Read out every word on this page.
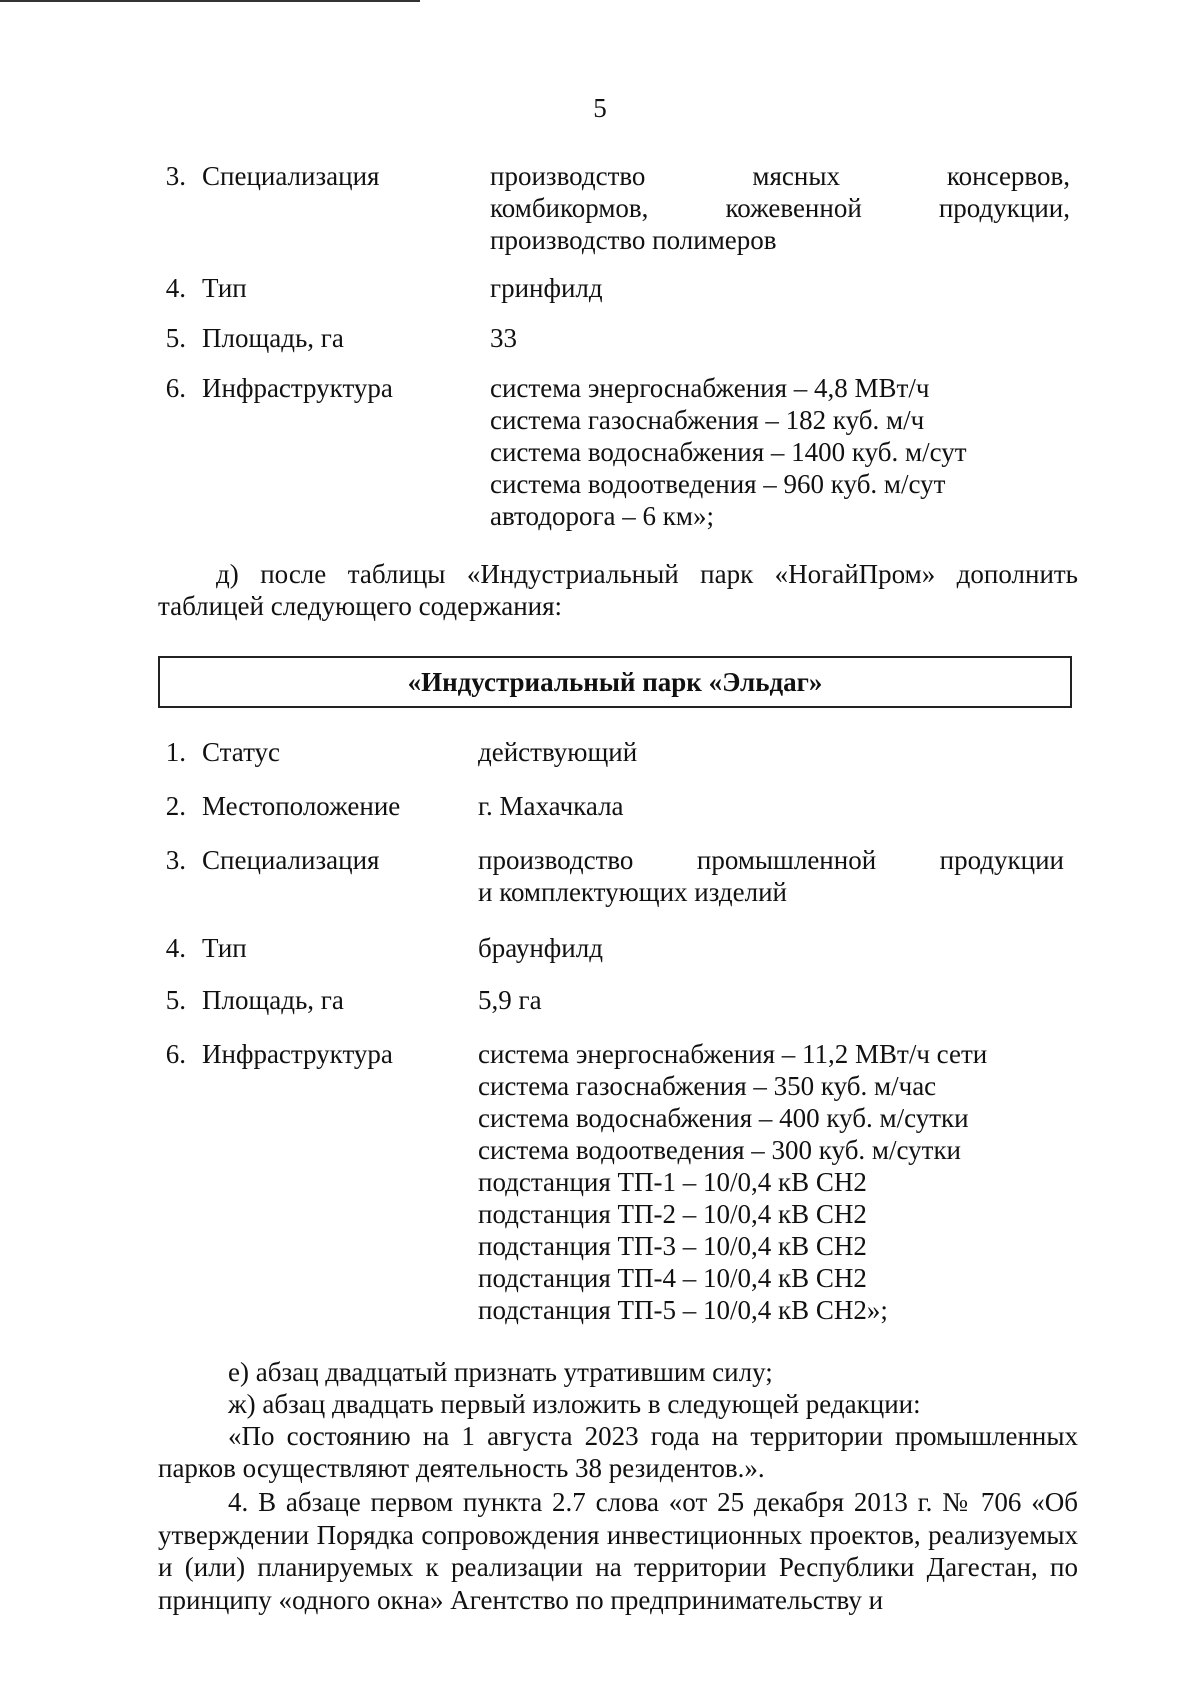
5
3. Специализация	производство мясных консервов,
комбикормов, кожевенной продукции,
производство полимеров
4. Тип	гринфилд
5. Площадь, га	33
6. Инфраструктура	система энергоснабжения – 4,8 МВт/ч
система газоснабжения – 182 куб. м/ч
система водоснабжения – 1400 куб. м/сут
система водоотведения – 960 куб. м/сут
автодорога – 6 км»;
д) после таблицы «Индустриальный парк «НогайПром» дополнить таблицей следующего содержания:
«Индустриальный парк «Эльдаг»
1. Статус	действующий
2. Местоположение	г. Махачкала
3. Специализация	производство промышленной продукции
и комплектующих изделий
4. Тип	браунфилд
5. Площадь, га	5,9 га
6. Инфраструктура	система энергоснабжения – 11,2 МВт/ч сети
система газоснабжения – 350 куб. м/час
система водоснабжения – 400 куб. м/сутки
система водоотведения – 300 куб. м/сутки
подстанция ТП-1 – 10/0,4 кВ СН2
подстанция ТП-2 – 10/0,4 кВ СН2
подстанция ТП-3 – 10/0,4 кВ СН2
подстанция ТП-4 – 10/0,4 кВ СН2
подстанция ТП-5 – 10/0,4 кВ СН2»;
е) абзац двадцатый признать утратившим силу;
ж) абзац двадцать первый изложить в следующей редакции:
«По состоянию на 1 августа 2023 года на территории промышленных парков осуществляют деятельность 38 резидентов.».
4. В абзаце первом пункта 2.7 слова «от 25 декабря 2013 г. № 706 «Об утверждении Порядка сопровождения инвестиционных проектов, реализуемых и (или) планируемых к реализации на территории Республики Дагестан, по принципу «одного окна» Агентство по предпринимательству и
